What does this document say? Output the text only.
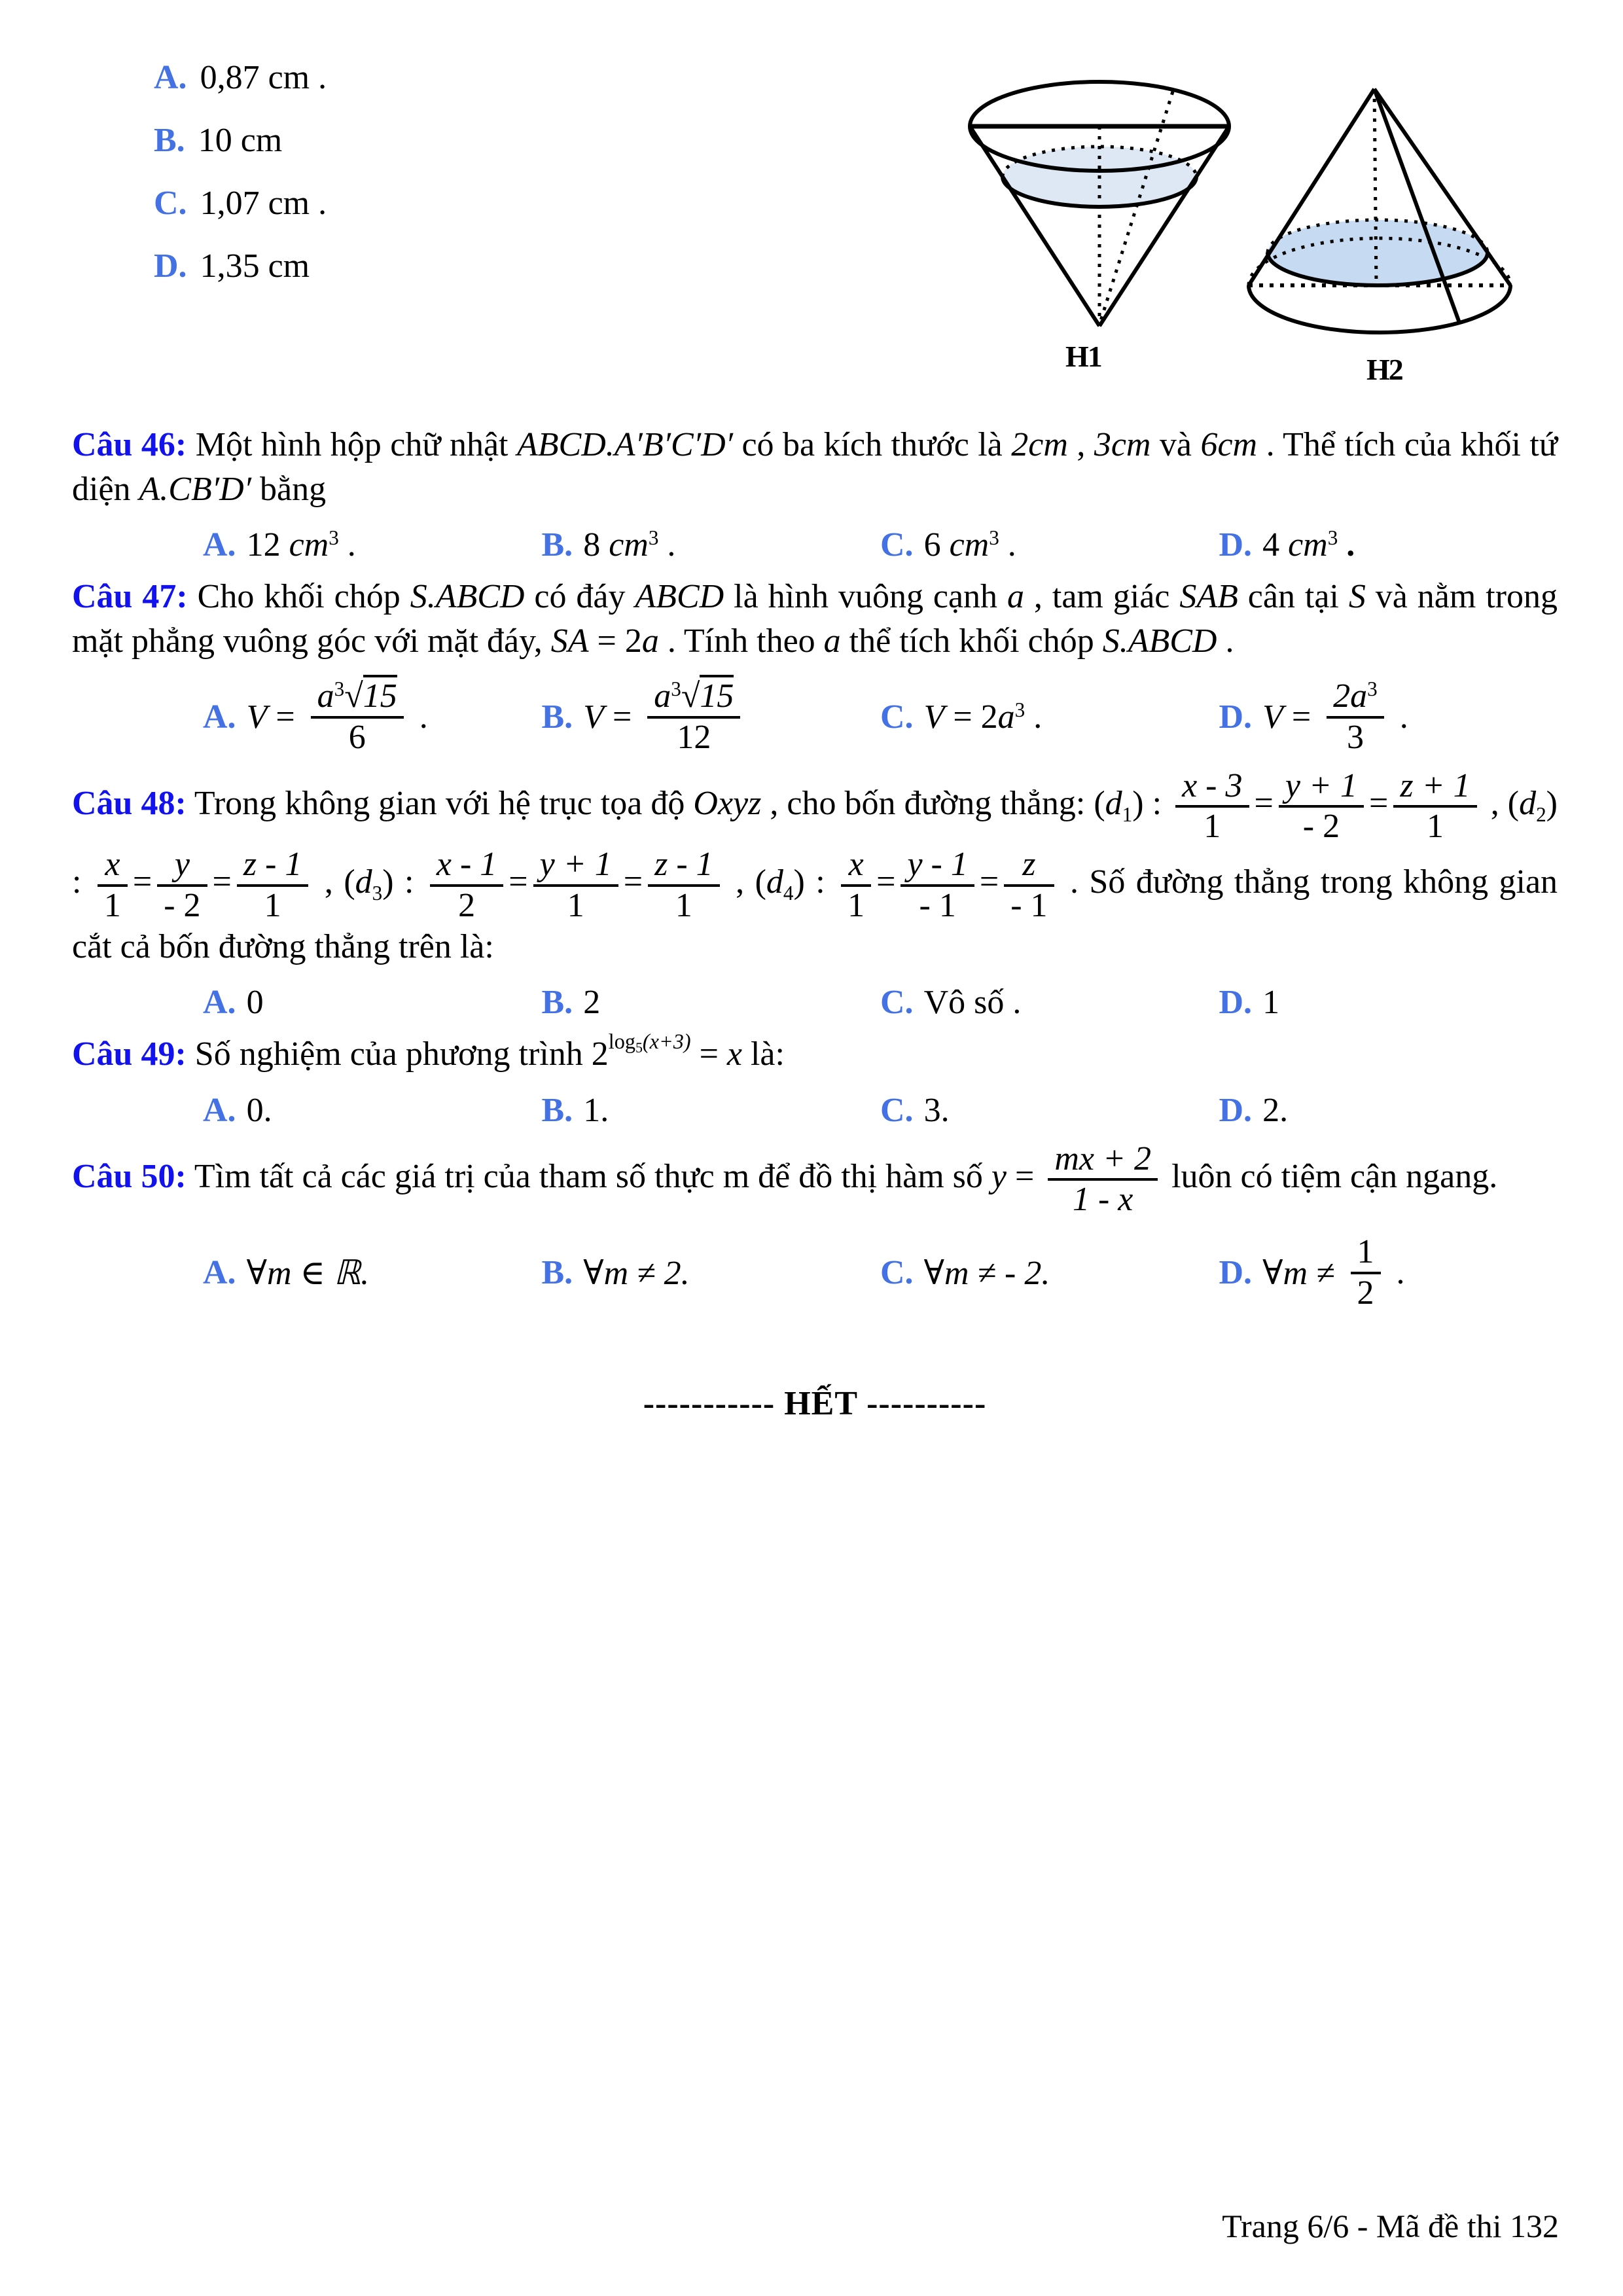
A. 0,87 cm .
B. 10 cm
C. 1,07 cm .
D. 1,35 cm
H1	H2

Câu 46: Một hình hộp chữ nhật ABCD.A′B′C′D′ có ba kích thước là 2cm , 3cm và 6cm . Thể tích của khối tứ diện A.CB′D′ bằng

A. 12 $cm^3$ .	B. 8 $cm^3$ .	C. 6 $cm^3$ .	D. 4 $cm^3$ .

Câu 47: Cho khối chóp S.ABCD có đáy ABCD là hình vuông cạnh a , tam giác SAB cân tại S và nằm trong mặt phẳng vuông góc với mặt đáy, SA = 2a . Tính theo a thể tích khối chóp S.ABCD .

A. $V = \frac{a^3√15}{6}$ .	B. $V = \frac{a^3√15}{12}$	C. $V = 2a^3$ .	D. $V = \frac{2a^3}{3}$ .

Câu 48: Trong không gian với hệ trục tọa độ Oxyz , cho bốn đường thẳng: $(d_1)$ : $\frac{x - 3}{1} = \frac{y + 1}{- 2} = \frac{z + 1}{1}$ , $(d_2)$ : $\frac{x}{1} = \frac{y}{- 2} = \frac{z - 1}{1}$ , $(d_3)$ : $\frac{x - 1}{2} = \frac{y + 1}{1} = \frac{z - 1}{1}$ , $(d_4)$ : $\frac{x}{1} = \frac{y - 1}{- 1} = \frac{z}{- 1}$ . Số đường thẳng trong không gian cắt cả bốn đường thẳng trên là:

A. 0	B. 2	C. Vô số .	D. 1

Câu 49: Số nghiệm của phương trình $2^{log_5(x+3)} = x$ là:

A. 0.	B. 1.	C. 3.	D. 2.

Câu 50: Tìm tất cả các giá trị của tham số thực m để đồ thị hàm số $y = \frac{mx + 2}{1 - x}$ luôn có tiệm cận ngang.

A. ∀m ∈ ℝ.	B. ∀m ≠ 2.	C. ∀m ≠ - 2.	D. ∀m ≠ $\frac{1}{2}$ .
----------- HẾT ----------
Trang 6/6 - Mã đề thi 132
